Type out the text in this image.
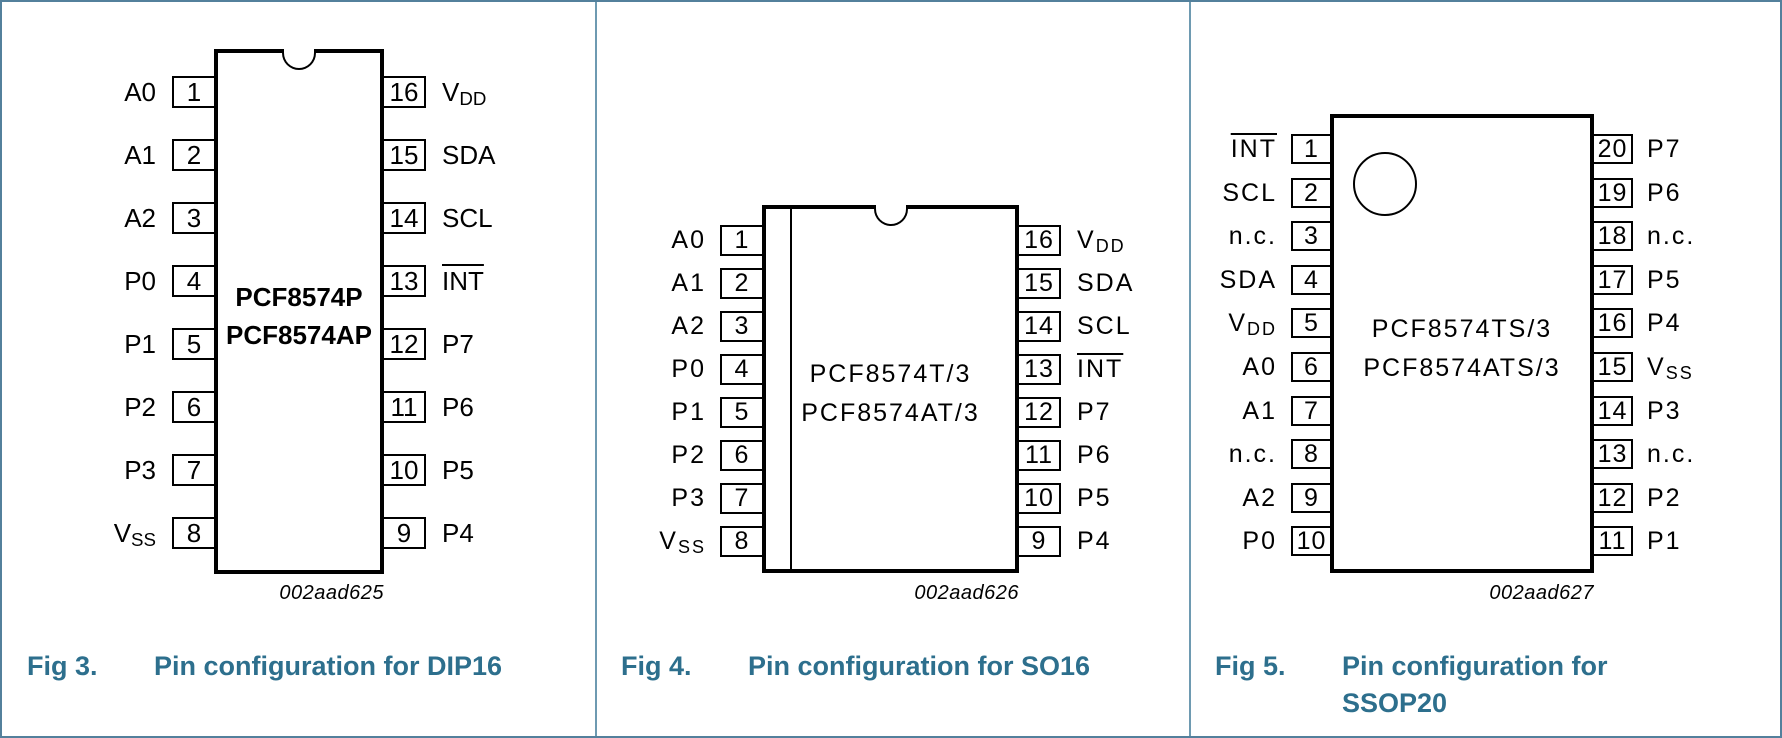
PCF8574P
PCF8574AP
1
A0
2
A1
3
A2
4
P0
5
P1
6
P2
7
P3
8
$V_{SS}$
16 $V_{DD}$
15 SDA
14 SCL
13 $\overline{INT}$
12 P7
11 P6
10 P5
9 P4
002aad625
Fig 3. Pin configuration for DIP16
PCF8574T/3
PCF8574AT/3
1
A0
2
A1
3
A2
4
P0
5
P1
6
P2
7
P3
8
$V_{SS}$
16 $V_{DD}$
15 SDA
14 SCL
13 $\overline{INT}$
12 P7
11 P6
10 P5
9 P4
002aad626
Fig 4. Pin configuration for SO16
PCF8574TS/3
PCF8574ATS/3
1
$\overline{INT}$
2
SCL
3
n.c.
4
SDA
5
$V_{DD}$
6
A0
7
A1
8
n.c.
9
A2
10
P0
20 P7
19 P6
18 n.c.
17 P5
16 P4
15 $V_{SS}$
14 P3
13 n.c.
12 P2
11 P1
002aad627
Fig 5. Pin configuration for SSOP20
